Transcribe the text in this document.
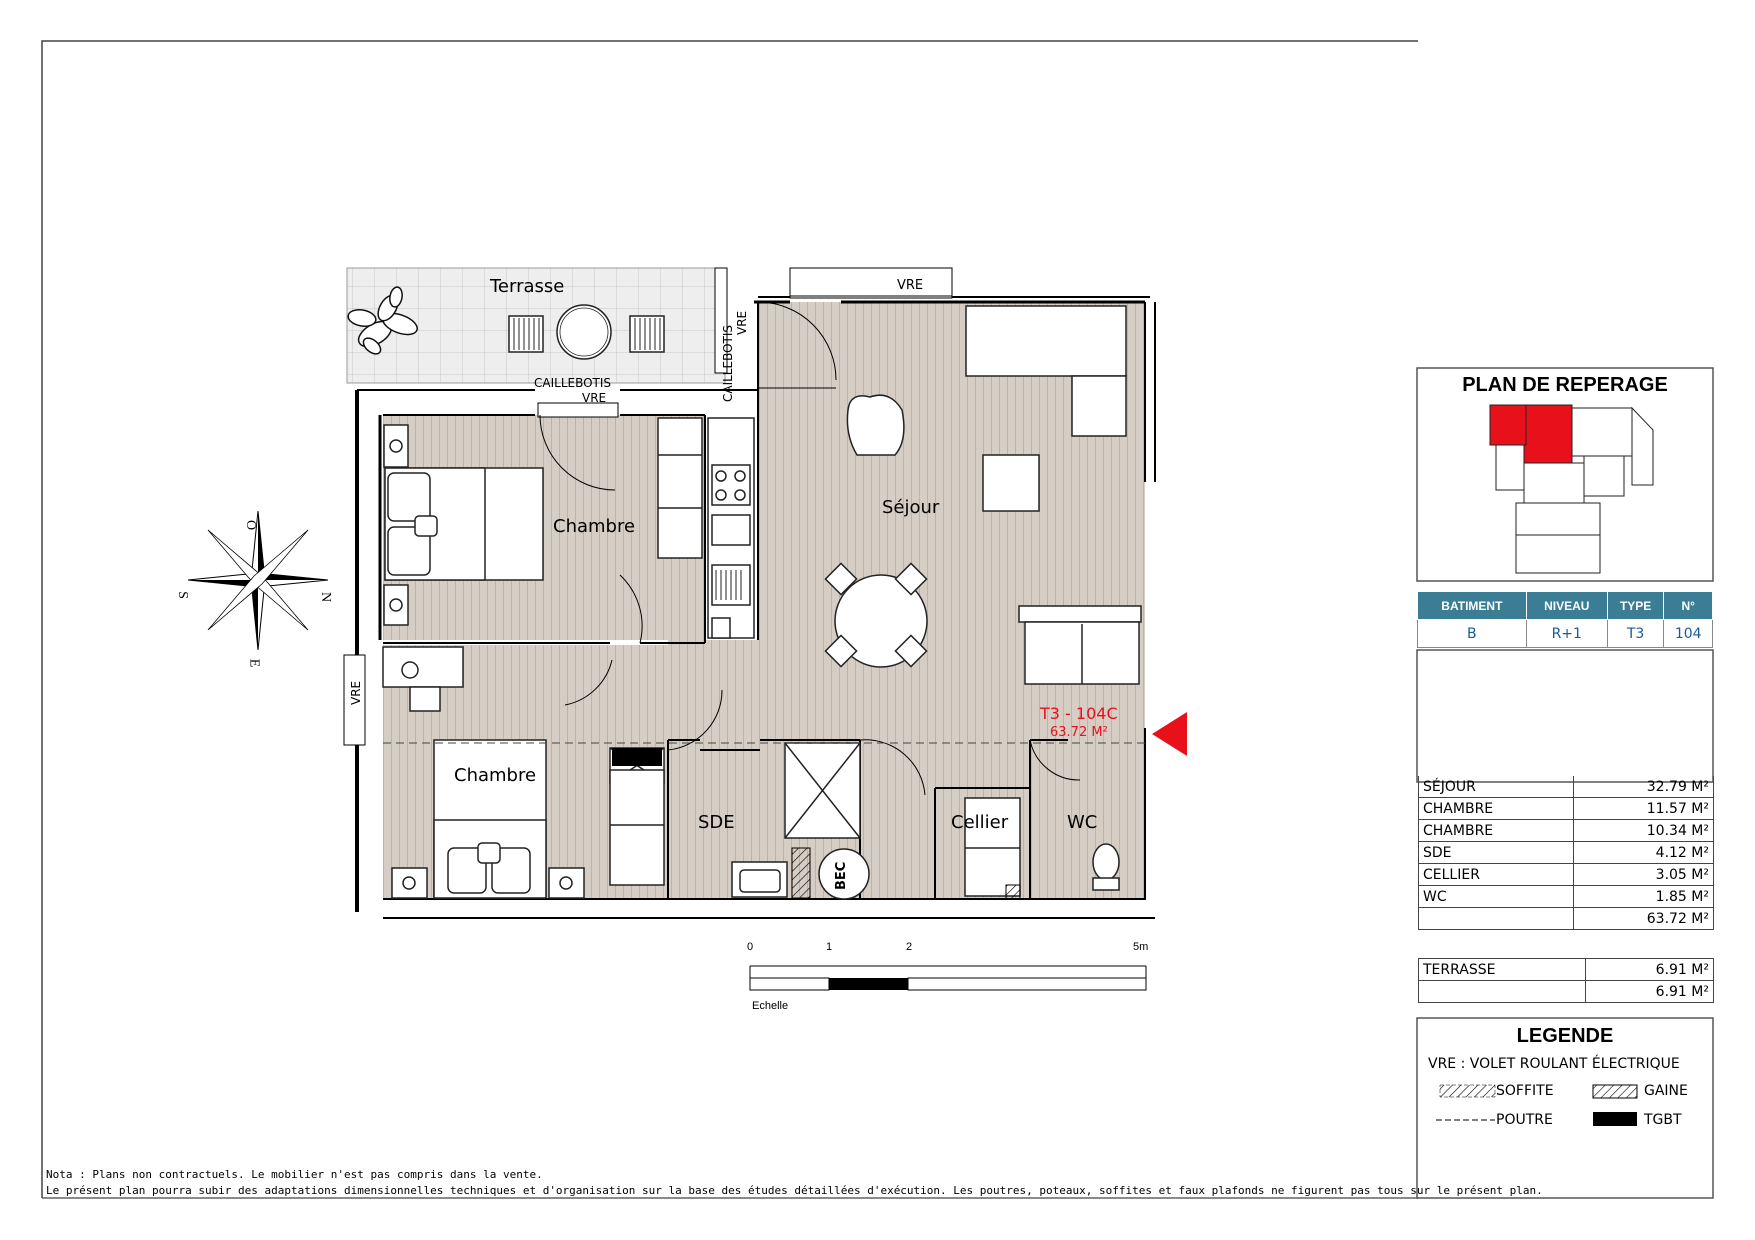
Terrasse
Chambre
Séjour
Chambre
SDE	Cellier	WC
VRE
CAILLEBOTIS
VRE	CAILLEBOTIS
VRE
VRE
BEC
T3 - 104C
63.72 M²
O
E
S	N
0	1	2	5m
Echelle
PLAN DE REPERAGE
BATIMENT	NIVEAU	TYPE	N°
B	R+1	T3	104
SÉJOUR	32.79 M²
CHAMBRE	11.57 M²
CHAMBRE	10.34 M²
SDE	4.12 M²
CELLIER	3.05 M²
WC	1.85 M²
	63.72 M²
TERRASSE	6.91 M²
	6.91 M²
LEGENDE
VRE : VOLET ROULANT ÉLECTRIQUE
SOFFITE	GAINE
POUTRE	TGBT
Nota : Plans non contractuels. Le mobilier n'est pas compris dans la vente.
Le présent plan pourra subir des adaptations dimensionnelles techniques et d'organisation sur la base des études détaillées d'exécution. Les poutres, poteaux, soffites et faux plafonds ne figurent pas tous sur le présent plan.
